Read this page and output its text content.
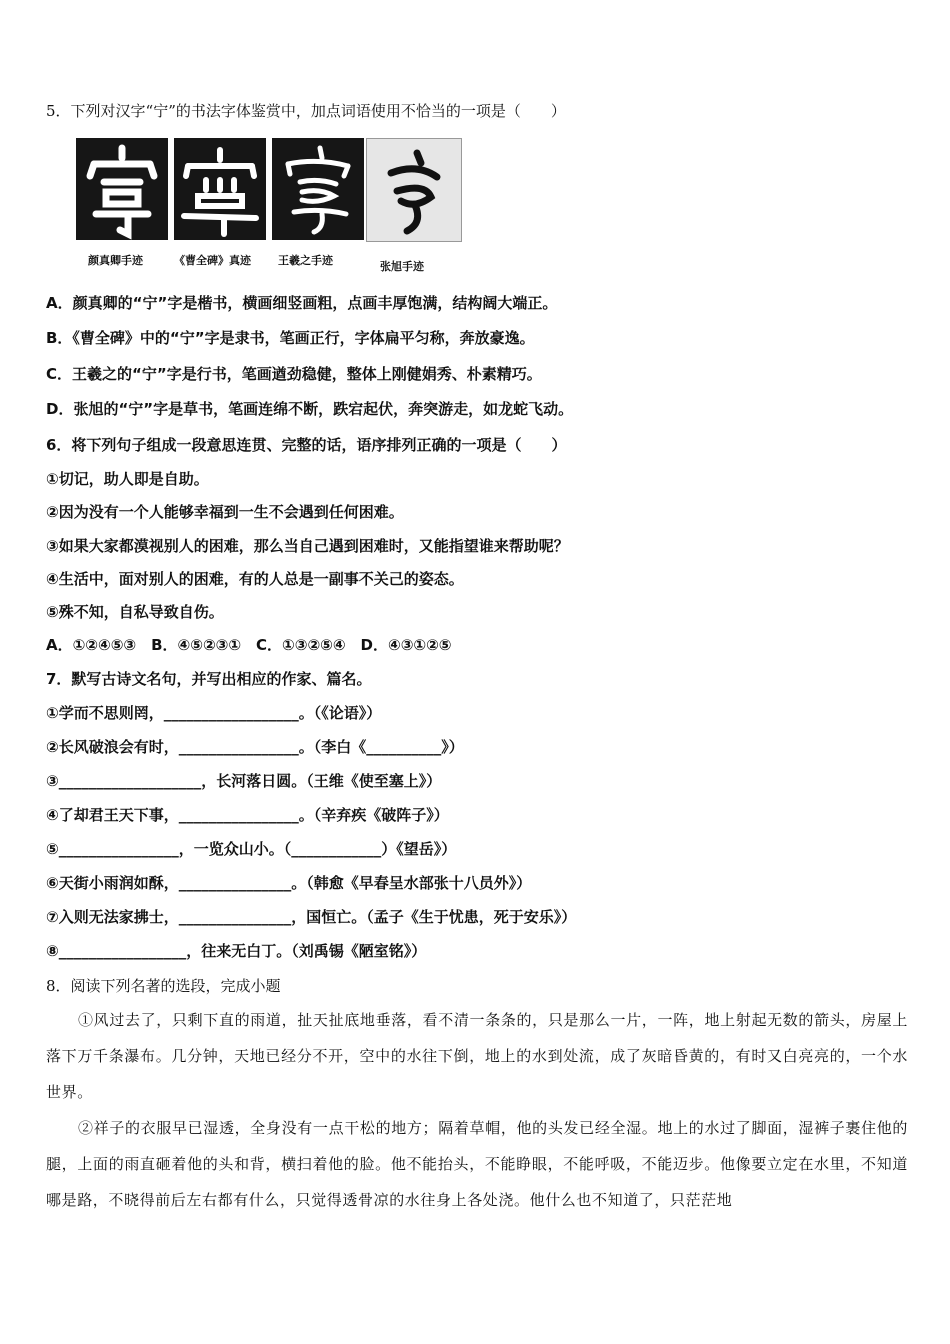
5．下列对汉字“宁”的书法字体鉴赏中，加点词语使用不恰当的一项是（　　）
颜真卿手迹	《曹全碑》真迹 王羲之手迹	张旭手迹
A．颜真卿的“宁”字是楷书，横画细竖画粗，点画丰厚饱满，结构阔大端正。
B．《曹全碑》中的“宁”字是隶书，笔画正行，字体扁平匀称，奔放豪逸。
C．王羲之的“宁”字是行书，笔画遒劲稳健，整体上刚健娟秀、朴素精巧。
D．张旭的“宁”字是草书，笔画连绵不断，跌宕起伏，奔突游走，如龙蛇飞动。
6．将下列句子组成一段意思连贯、完整的话，语序排列正确的一项是（　　）
①切记，助人即是自助。
②因为没有一个人能够幸福到一生不会遇到任何困难。
③如果大家都漠视别人的困难，那么当自己遇到困难时，又能指望谁来帮助呢？
④生活中，面对别人的困难，有的人总是一副事不关己的姿态。
⑤殊不知，自私导致自伤。
A．①②④⑤③　B．④⑤②③①　C．①③②⑤④　D．④③①②⑤
7．默写古诗文名句，并写出相应的作家、篇名。
①学而不思则罔，__________________。（《论语》）
②长风破浪会有时，________________。（李白《__________》）
③___________________，长河落日圆。（王维《使至塞上》）
④了却君王天下事，________________。（辛弃疾《破阵子》）
⑤________________，一览众山小。（____________）《望岳》）
⑥天街小雨润如酥，_______________。（韩愈《早春呈水部张十八员外》）
⑦入则无法家拂士，_______________，国恒亡。（孟子《生于忧患，死于安乐》）
⑧_________________，往来无白丁。（刘禹锡《陋室铭》）
8．阅读下列名著的选段，完成小题
①风过去了，只剩下直的雨道，扯天扯底地垂落，看不清一条条的，只是那么一片，一阵，地上射起无数的箭头，房屋上落下万千条瀑布。几分钟，天地已经分不开，空中的水往下倒，地上的水到处流，成了灰暗昏黄的，有时又白亮亮的，一个水世界。
②祥子的衣服早已湿透，全身没有一点干松的地方；隔着草帽，他的头发已经全湿。地上的水过了脚面，湿裤子裹住他的腿，上面的雨直砸着他的头和背，横扫着他的脸。他不能抬头，不能睁眼，不能呼吸，不能迈步。他像要立定在水里，不知道哪是路，不晓得前后左右都有什么，只觉得透骨凉的水往身上各处浇。他什么也不知道了，只茫茫地
